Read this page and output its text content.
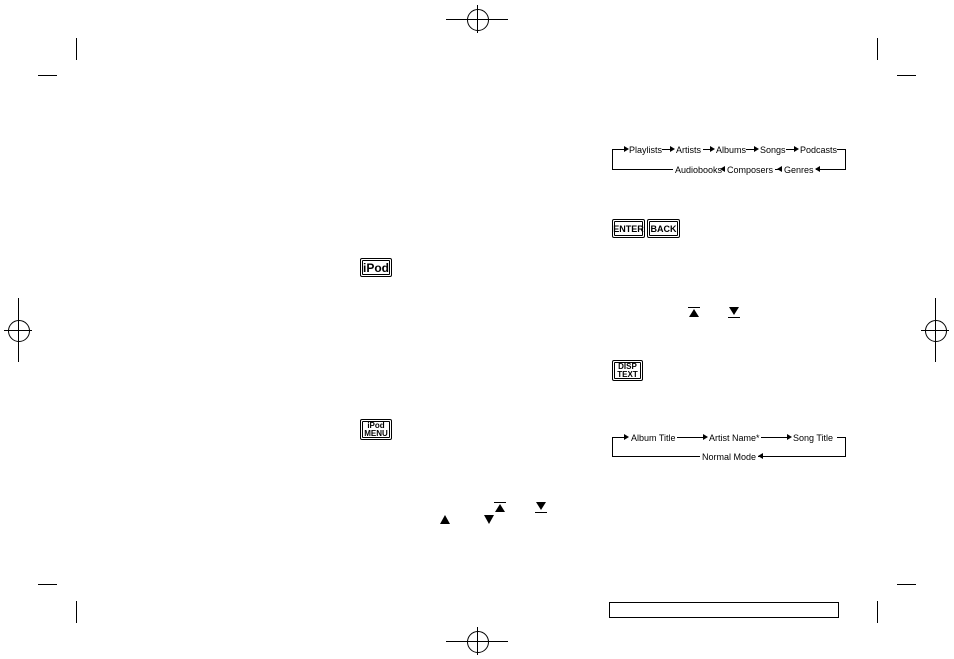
iPod
iPod
MENU
Playlists Artists Albums Songs Podcasts
Audiobooks Composers Genres
ENTER BACK
DISP
TEXT
Album Title	Artist Name*	Song Title
Normal Mode
